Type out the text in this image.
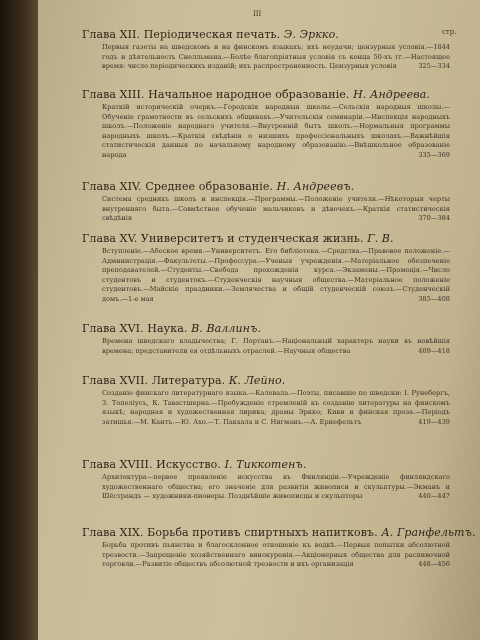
III
стр.
Глава XII. Періодическая печать. Э. Эркко.
Первыя газеты на шведскомъ и на финскомъ языкахъ; ихъ неудачи; цензурныя условія.—1844 годъ и дѣятельность Снелльмана.—Болѣе благопріятныя условія съ конца 50-хъ гг.—Настоящее время: число періодическихъ изданій; ихъ распространенность. Цензурныя условія	325—334
Глава XIII. Начальное народное образованіе. Н. Андреева.
Краткій историческій очеркъ.—Городскія народныя школы.—Сельскія народныя школы.—Обученіе грамотности въ сельскихъ общинахъ.—Учительскія семинаріи.—Инспекція народныхъ школъ.—Положеніе народнаго учителя.—Внутренній бытъ школъ.—Нормальныя программы народныхъ школъ.—Краткія свѣдѣнія о низшихъ профессіональныхъ школахъ.—Важнѣйшія статистическія данныя по начальному народному образованію.—Внѣшкольное образованіе народа	335—369
Глава XIV. Среднее образованіе. Н. Андреевъ.
Система среднихъ школъ и инспекція.—Программы.—Положеніе учителя.—Нѣкоторыя черты внутренняго быта.—Совмѣстное обученіе мальчиковъ и дѣвочекъ.—Краткія статистическія свѣдѣнія	370—384
Глава XV. Университетъ и студенческая жизнь. Г. В.
Вступленіе.—Абоское время.—Университетъ. Его библіотека.—Средства.—Правовое положеніе.—Администрація.—Факультеты.—Профессура.—Ученыя учрежденія.—Матеріальное обезпеченіе преподавателей.—Студенты.—Свобода прохожденія курса.—Экзамены.—Промоція.—Число студентовъ и студентокъ.—Студенческія научныя общества.—Матеріальное положеніе студентовъ.—Майскіе праздники.—Землячества и общій студенческій союзъ.—Студенческій домъ.—1-е мая	385—408
Глава XVI. Наука. В. Валлинъ.
Времена шведскаго владычества; Г. Портанъ.—Національный характеръ науки въ новѣйшія времена; представители ея отдѣльныхъ отраслей.—Научныя общества	409—418
Глава XVII. Литература. К. Лейно.
Созданіе финскаго литературнаго языка.—Калевала.—Поэты, писавшіе по шведски: І. Рунебергъ, З. Топеліусъ, К. Тавастшерна.—Пробужденіе стремленій къ созданію литературы на финскомъ языкѣ; народная и художественная лирика; драмы Эркко; Киви и финская проза.—Періодъ затишья.—М. Кантъ.—Ю. Ахо.—Т. Пакхала и С. Нигманъ.—А. Ернефельтъ	419—439
Глава XVIII. Искусство. І. Тиккотенъ.
Архитектура—первое проявленіе искусства въ Финляндіи.—Учрежденіе финляндскаго художественнаго общества; его значеніе для развитія живописи и скульптуры.—Экманъ и Шёстрандъ — художники-пионеры. Позднѣйшіе живописцы и скульпторы	440—447
Глава XIX. Борьба противъ спиртныхъ напитковъ. А. Гранфельтъ.
Борьба противъ пьянства и благосклонное отношеніе къ водкѣ.—Первыя попытки абсолютной трезвости.—Запрещеніе хозяйственнаго винокуренія.—Акціонерныя общества для распивочной торговли.—Развитіе обществъ абсолютной трезвости и ихъ организація	448—456
